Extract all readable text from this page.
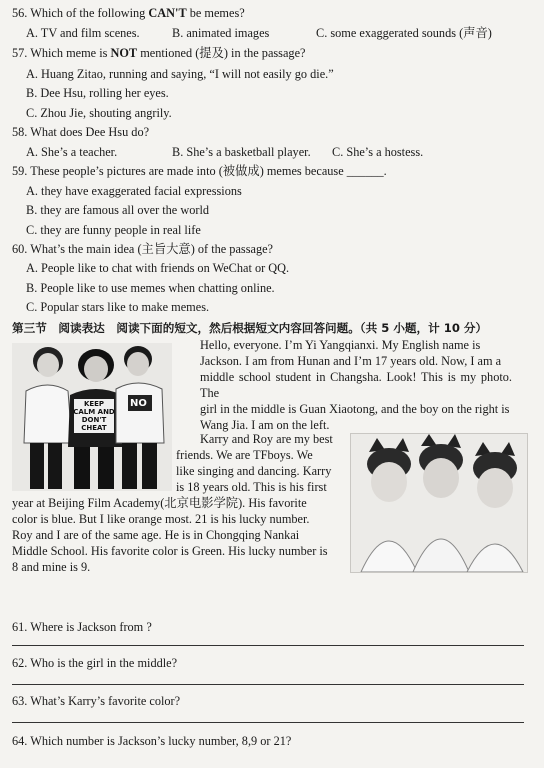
56. Which of the following CAN'T be memes?
A. TV and film scenes.	B. animated images	C. some exaggerated sounds (声音)
57. Which meme is NOT mentioned (提及) in the passage?
A. Huang Zitao, running and saying, “I will not easily go die.”
B. Dee Hsu, rolling her eyes.
C. Zhou Jie, shouting angrily.
58. What does Dee Hsu do?
A. She’s a teacher.	B. She’s a basketball player. C. She’s a hostess.
59. These people’s pictures are made into (被做成) memes because ______.
A. they have exaggerated facial expressions
B. they are famous all over the world
C. they are funny people in real life
60. What’s the main idea (主旨大意) of the passage?
A. People like to chat with friends on WeChat or QQ.
B. People like to use memes when chatting online.
C. Popular stars like to make memes.
第三节　阅读表达　阅读下面的短文，然后根据短文内容回答问题。（共 5 小题，计 10 分）
KEEP CALM AND DON'T CHEAT
NO
Hello, everyone. I’m Yi Yangqianxi. My English name is
Jackson. I am from Hunan and I’m 17 years old. Now, I am a
middle school student in Changsha. Look! This is my photo. The
girl in the middle is Guan Xiaotong, and the boy on the right is
Wang Jia. I am on the left.
Karry and Roy are my best
friends. We are TFboys. We
like singing and dancing. Karry
is 18 years old. This is his first
year at Beijing Film Academy(北京电影学院). His favorite
color is blue. But I like orange most. 21 is his lucky number.
Roy and I are of the same age. He is in Chongqing Nankai
Middle School. His favorite color is Green. His lucky number is
8 and mine is 9.
61. Where is Jackson from ?
62. Who is the girl in the middle?
63. What’s Karry’s favorite color?
64. Which number is Jackson’s lucky number, 8,9 or 21?
